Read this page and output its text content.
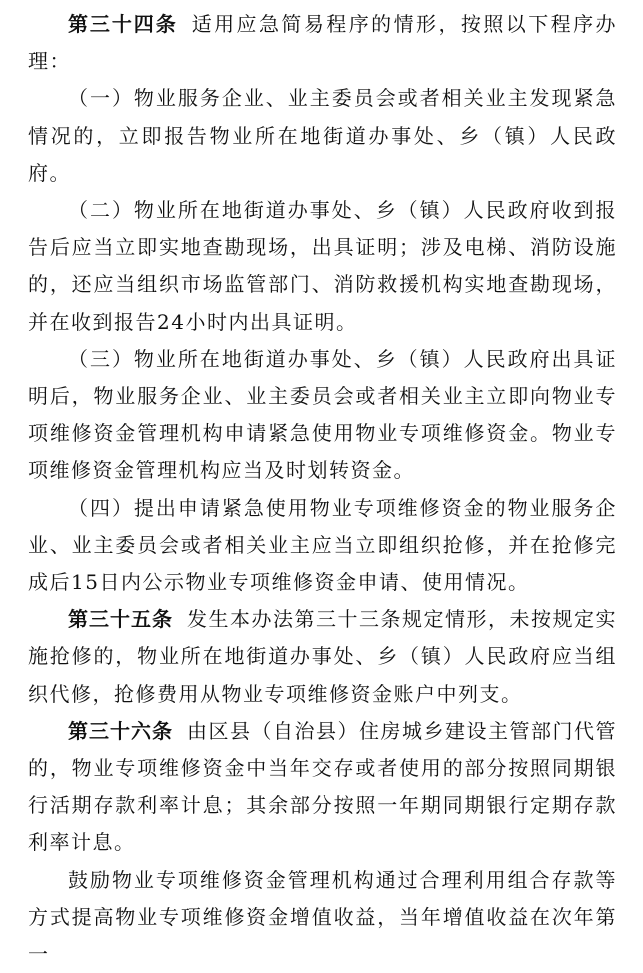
第三十四条 适用应急简易程序的情形，按照以下程序办理：

（一）物业服务企业、业主委员会或者相关业主发现紧急情况的，立即报告物业所在地街道办事处、乡（镇）人民政府。

（二）物业所在地街道办事处、乡（镇）人民政府收到报告后应当立即实地查勘现场，出具证明；涉及电梯、消防设施的，还应当组织市场监管部门、消防救援机构实地查勘现场，并在收到报告24小时内出具证明。

（三）物业所在地街道办事处、乡（镇）人民政府出具证明后，物业服务企业、业主委员会或者相关业主立即向物业专项维修资金管理机构申请紧急使用物业专项维修资金。物业专项维修资金管理机构应当及时划转资金。

（四）提出申请紧急使用物业专项维修资金的物业服务企业、业主委员会或者相关业主应当立即组织抢修，并在抢修完成后15日内公示物业专项维修资金申请、使用情况。

第三十五条 发生本办法第三十三条规定情形，未按规定实施抢修的，物业所在地街道办事处、乡（镇）人民政府应当组织代修，抢修费用从物业专项维修资金账户中列支。

第三十六条 由区县（自治县）住房城乡建设主管部门代管的，物业专项维修资金中当年交存或者使用的部分按照同期银行活期存款利率计息；其余部分按照一年期同期银行定期存款利率计息。

鼓励物业专项维修资金管理机构通过合理利用组合存款等方式提高物业专项维修资金增值收益，当年增值收益在次年第一
